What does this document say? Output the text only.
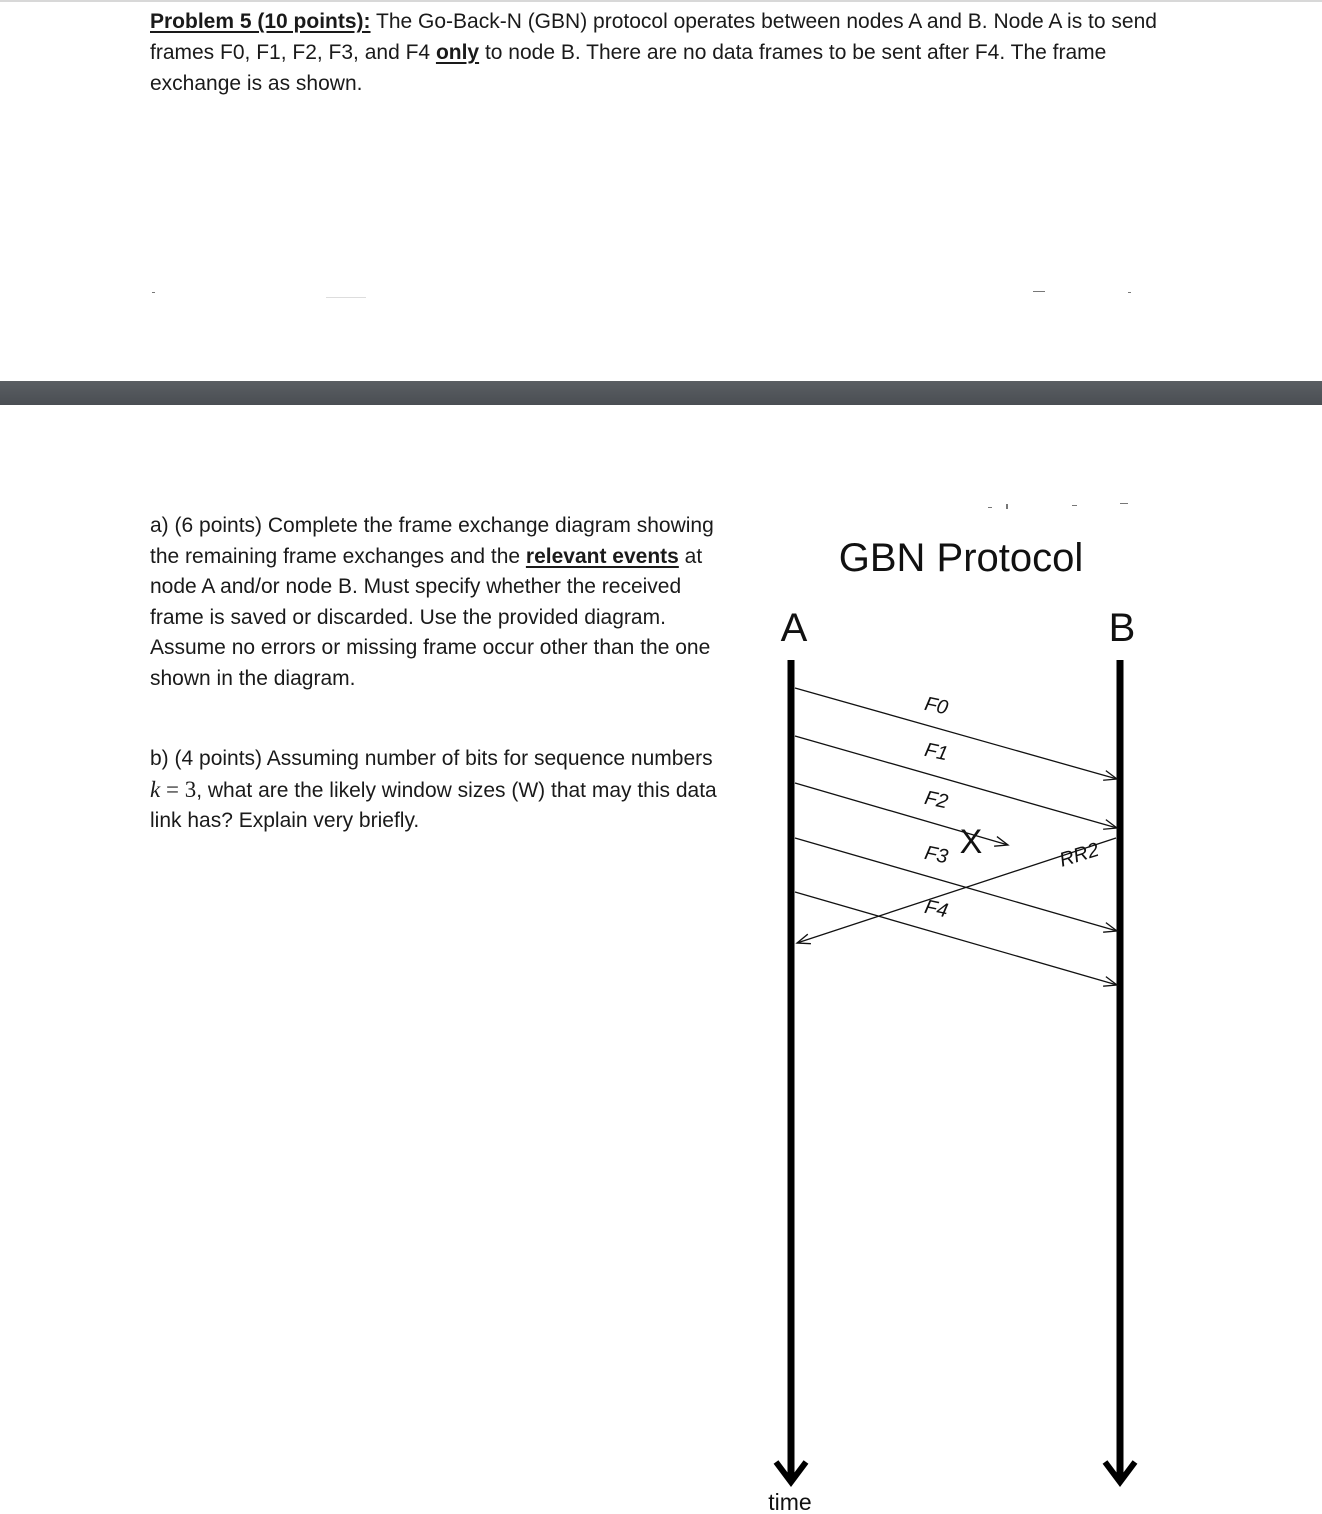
Problem 5 (10 points): The Go-Back-N (GBN) protocol operates between nodes A and B. Node A is to send frames F0, F1, F2, F3, and F4 only to node B. There are no data frames to be sent after F4. The frame exchange is as shown.
a) (6 points) Complete the frame exchange diagram showing the remaining frame exchanges and the relevant events at node A and/or node B. Must specify whether the received frame is saved or discarded. Use the provided diagram. Assume no errors or missing frame occur other than the one shown in the diagram.
b) (4 points) Assuming number of bits for sequence numbers k = 3, what are the likely window sizes (W) that may this data link has? Explain very briefly.
GBN Protocol
A	B
time
F0
F1
F2
X
F3
F4
RR2
